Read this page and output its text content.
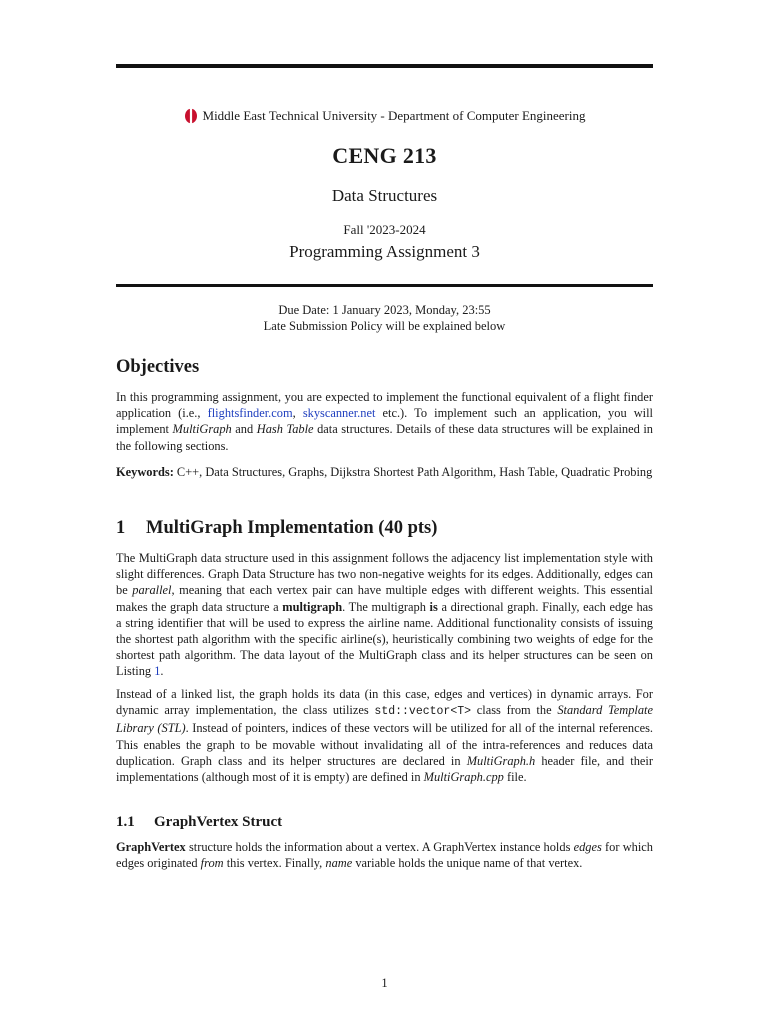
Middle East Technical University - Department of Computer Engineering
CENG 213
Data Structures
Fall '2023-2024
Programming Assignment 3
Due Date: 1 January 2023, Monday, 23:55
Late Submission Policy will be explained below
Objectives

In this programming assignment, you are expected to implement the functional equivalent of a flight finder application (i.e., flightsfinder.com, skyscanner.net etc.). To implement such an application, you will implement MultiGraph and Hash Table data structures. Details of these data structures will be explained in the following sections.

Keywords: C++, Data Structures, Graphs, Dijkstra Shortest Path Algorithm, Hash Table, Quadratic Probing

1 MultiGraph Implementation (40 pts)

The MultiGraph data structure used in this assignment follows the adjacency list implementation style with slight differences. Graph Data Structure has two non-negative weights for its edges. Additionally, edges can be parallel, meaning that each vertex pair can have multiple edges with different weights. This essential makes the graph data structure a multigraph. The multigraph is a directional graph. Finally, each edge has a string identifier that will be used to express the airline name. Additional functionality consists of issuing the shortest path algorithm with the specific airline(s), heuristically combining two weights of edge for the shortest path algorithm. The data layout of the MultiGraph class and its helper structures can be seen on Listing 1.

Instead of a linked list, the graph holds its data (in this case, edges and vertices) in dynamic arrays. For dynamic array implementation, the class utilizes std::vector<T> class from the Standard Template Library (STL). Instead of pointers, indices of these vectors will be utilized for all of the internal references. This enables the graph to be movable without invalidating all of the intra-references and reduces data duplication. Graph class and its helper structures are declared in MultiGraph.h header file, and their implementations (although most of it is empty) are defined in MultiGraph.cpp file.

1.1 GraphVertex Struct

GraphVertex structure holds the information about a vertex. A GraphVertex instance holds edges for which edges originated from this vertex. Finally, name variable holds the unique name of that vertex.

1
